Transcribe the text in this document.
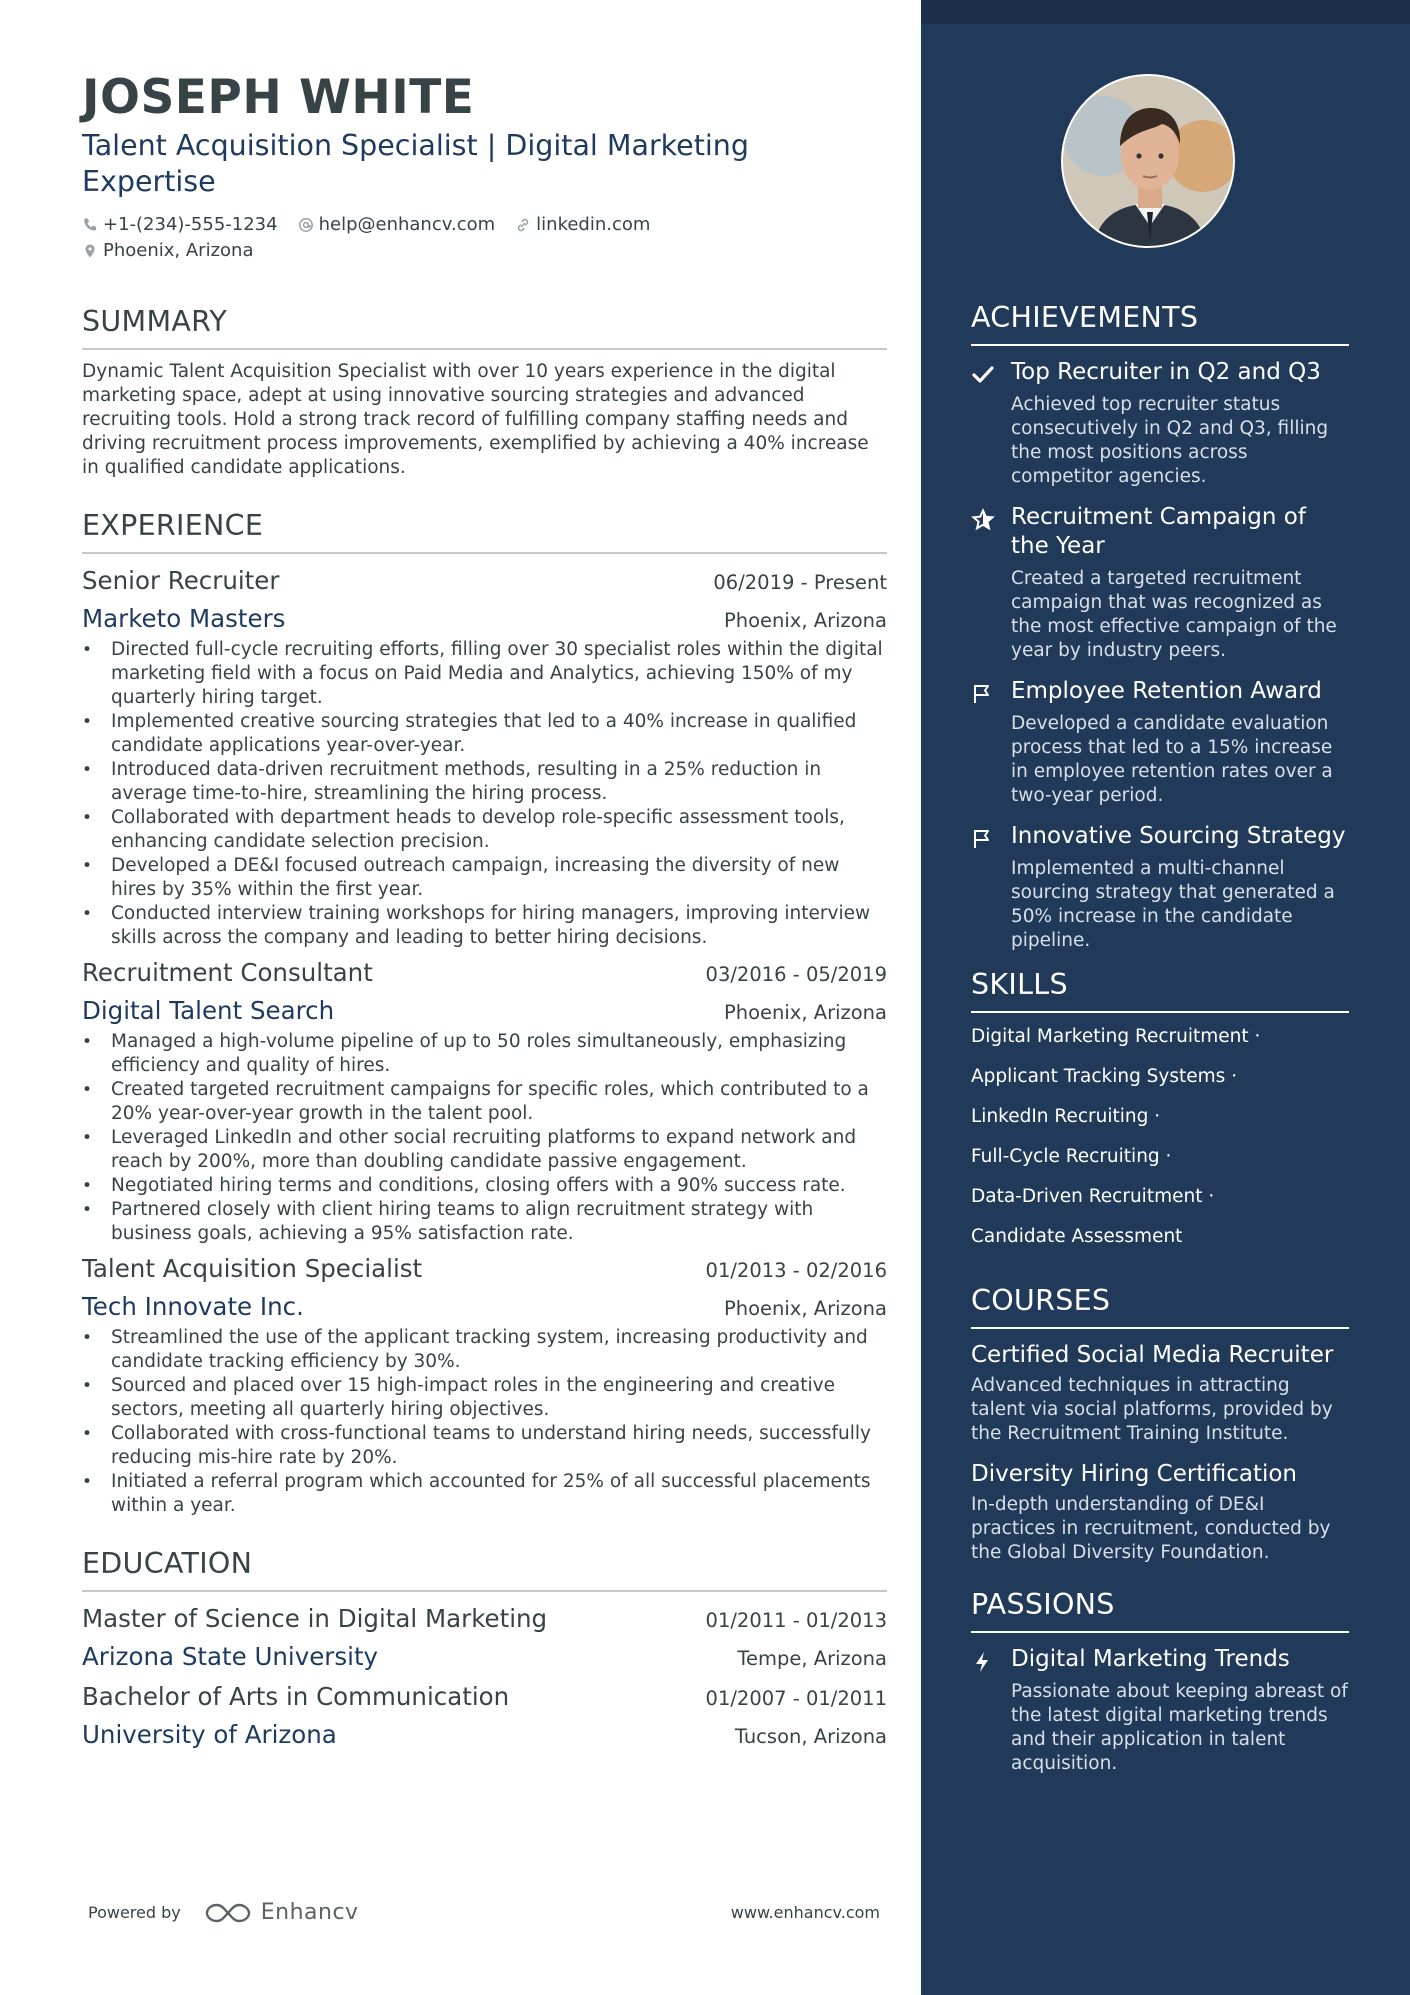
JOSEPH WHITE
Talent Acquisition Specialist | Digital Marketing Expertise
+1-(234)-555-1234 help@enhancv.com linkedin.com
Phoenix, Arizona
SUMMARY
Dynamic Talent Acquisition Specialist with over 10 years experience in the digital marketing space, adept at using innovative sourcing strategies and advanced recruiting tools. Hold a strong track record of fulfilling company staffing needs and driving recruitment process improvements, exemplified by achieving a 40% increase in qualified candidate applications.
EXPERIENCE
Senior Recruiter	06/2019 - Present
Marketo Masters	Phoenix, Arizona
• Directed full-cycle recruiting efforts, filling over 30 specialist roles within the digital marketing field with a focus on Paid Media and Analytics, achieving 150% of my quarterly hiring target.
• Implemented creative sourcing strategies that led to a 40% increase in qualified candidate applications year-over-year.
• Introduced data-driven recruitment methods, resulting in a 25% reduction in average time-to-hire, streamlining the hiring process.
• Collaborated with department heads to develop role-specific assessment tools, enhancing candidate selection precision.
• Developed a DE&I focused outreach campaign, increasing the diversity of new hires by 35% within the first year.
• Conducted interview training workshops for hiring managers, improving interview skills across the company and leading to better hiring decisions.
Recruitment Consultant	03/2016 - 05/2019
Digital Talent Search	Phoenix, Arizona
• Managed a high-volume pipeline of up to 50 roles simultaneously, emphasizing efficiency and quality of hires.
• Created targeted recruitment campaigns for specific roles, which contributed to a 20% year-over-year growth in the talent pool.
• Leveraged LinkedIn and other social recruiting platforms to expand network and reach by 200%, more than doubling candidate passive engagement.
• Negotiated hiring terms and conditions, closing offers with a 90% success rate.
• Partnered closely with client hiring teams to align recruitment strategy with business goals, achieving a 95% satisfaction rate.
Talent Acquisition Specialist	01/2013 - 02/2016
Tech Innovate Inc.	Phoenix, Arizona
• Streamlined the use of the applicant tracking system, increasing productivity and candidate tracking efficiency by 30%.
• Sourced and placed over 15 high-impact roles in the engineering and creative sectors, meeting all quarterly hiring objectives.
• Collaborated with cross-functional teams to understand hiring needs, successfully reducing mis-hire rate by 20%.
• Initiated a referral program which accounted for 25% of all successful placements within a year.
EDUCATION
Master of Science in Digital Marketing	01/2011 - 01/2013
Arizona State University	Tempe, Arizona
Bachelor of Arts in Communication	01/2007 - 01/2011
University of Arizona	Tucson, Arizona
Powered by	Enhancv	www.enhancv.com
ACHIEVEMENTS
Top Recruiter in Q2 and Q3
Achieved top recruiter status consecutively in Q2 and Q3, filling the most positions across competitor agencies.
Recruitment Campaign of the Year
Created a targeted recruitment campaign that was recognized as the most effective campaign of the year by industry peers.
Employee Retention Award
Developed a candidate evaluation process that led to a 15% increase in employee retention rates over a two-year period.
Innovative Sourcing Strategy
Implemented a multi-channel sourcing strategy that generated a 50% increase in the candidate pipeline.
SKILLS
Digital Marketing Recruitment ·
Applicant Tracking Systems ·
LinkedIn Recruiting ·
Full-Cycle Recruiting ·
Data-Driven Recruitment ·
Candidate Assessment
COURSES
Certified Social Media Recruiter
Advanced techniques in attracting talent via social platforms, provided by the Recruitment Training Institute.
Diversity Hiring Certification
In-depth understanding of DE&I practices in recruitment, conducted by the Global Diversity Foundation.
PASSIONS
Digital Marketing Trends
Passionate about keeping abreast of the latest digital marketing trends and their application in talent acquisition.
